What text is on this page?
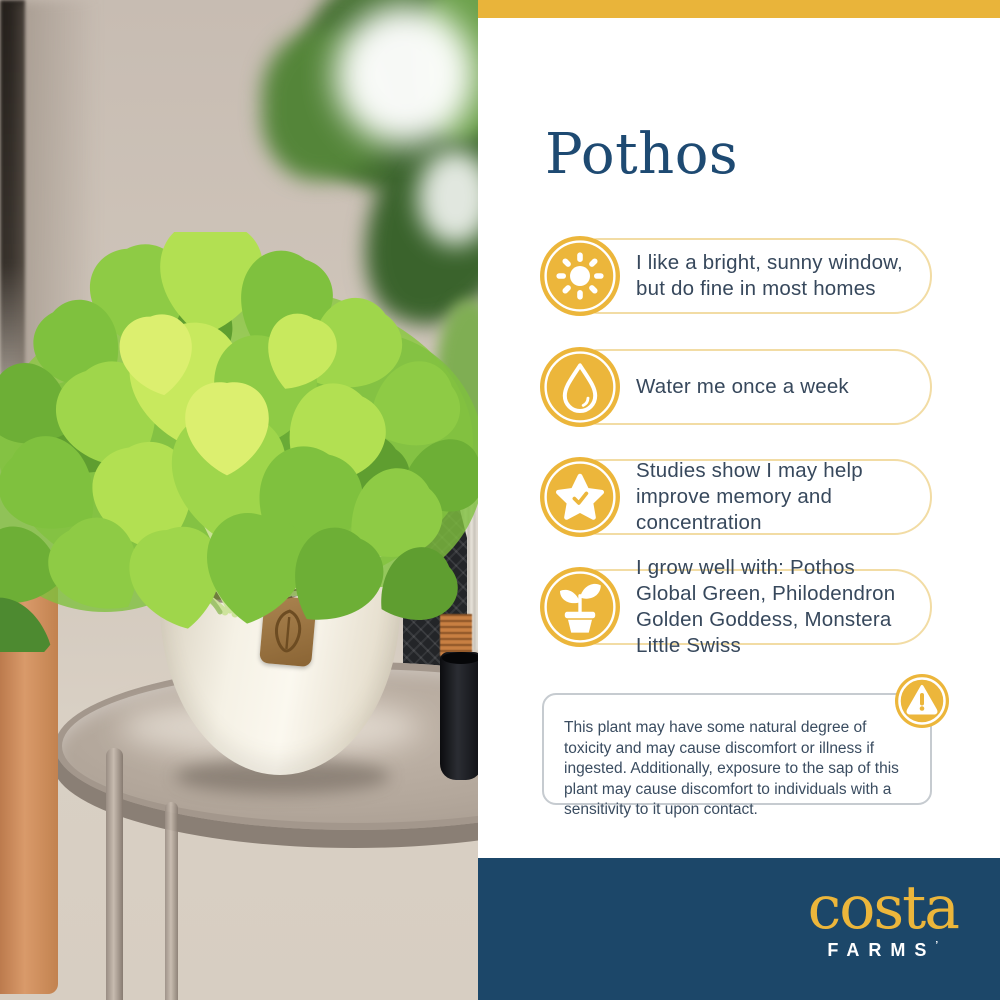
Pothos
I like a bright, sunny window, but do fine in most homes
Water me once a week
Studies show I may help improve memory and concentration
I grow well with: Pothos Global Green, Philodendron Golden Goddess, Monstera Little Swiss
This plant may have some natural degree of toxicity and may cause discomfort or illness if ingested. Additionally, exposure to the sap of this plant may cause discomfort to individuals with a sensitivity to it upon contact.
costa
FARMS’
